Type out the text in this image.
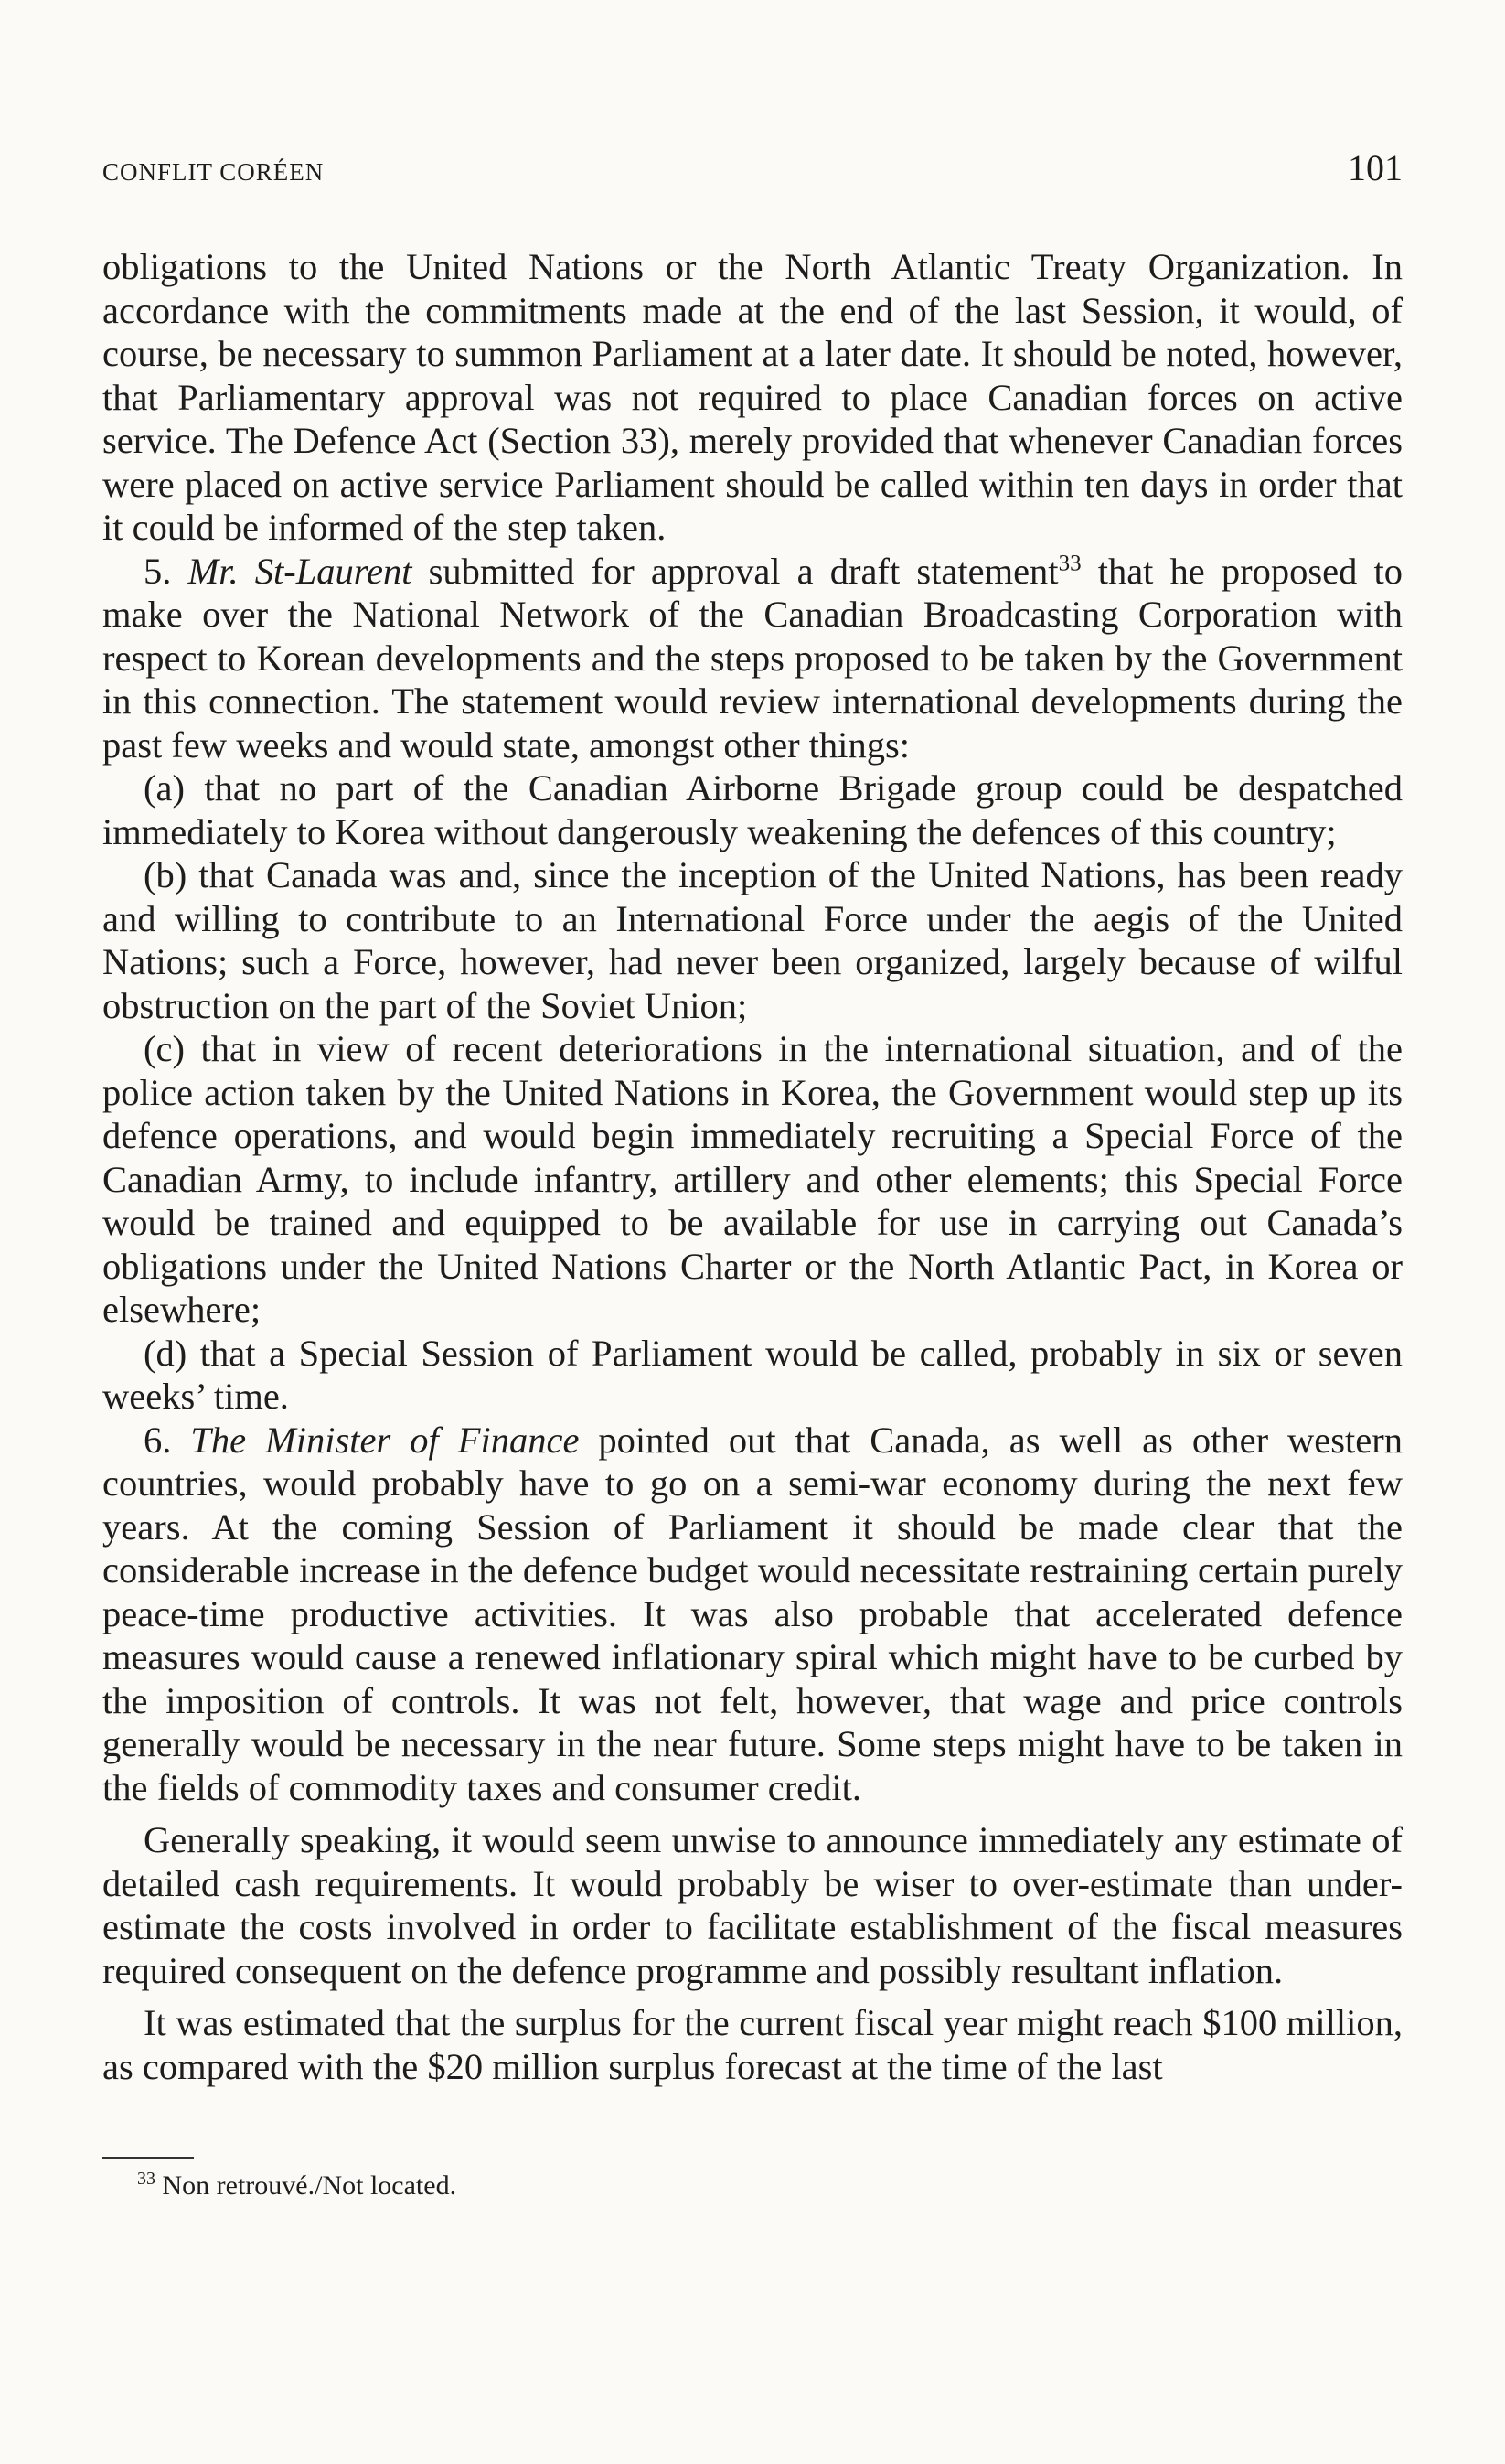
CONFLIT CORÉEN	101

obligations to the United Nations or the North Atlantic Treaty Organization. In accordance with the commitments made at the end of the last Session, it would, of course, be necessary to summon Parliament at a later date. It should be noted, however, that Parliamentary approval was not required to place Canadian forces on active service. The Defence Act (Section 33), merely provided that whenever Canadian forces were placed on active service Parliament should be called within ten days in order that it could be informed of the step taken.

5. Mr. St-Laurent submitted for approval a draft statement$^{33}$ that he proposed to make over the National Network of the Canadian Broadcasting Corporation with respect to Korean developments and the steps proposed to be taken by the Government in this connection. The statement would review international developments during the past few weeks and would state, amongst other things:

(a) that no part of the Canadian Airborne Brigade group could be despatched immediately to Korea without dangerously weakening the defences of this country;

(b) that Canada was and, since the inception of the United Nations, has been ready and willing to contribute to an International Force under the aegis of the United Nations; such a Force, however, had never been organized, largely because of wilful obstruction on the part of the Soviet Union;

(c) that in view of recent deteriorations in the international situation, and of the police action taken by the United Nations in Korea, the Government would step up its defence operations, and would begin immediately recruiting a Special Force of the Canadian Army, to include infantry, artillery and other elements; this Special Force would be trained and equipped to be available for use in carrying out Canada’s obligations under the United Nations Charter or the North Atlantic Pact, in Korea or elsewhere;

(d) that a Special Session of Parliament would be called, probably in six or seven weeks’ time.

6. The Minister of Finance pointed out that Canada, as well as other western countries, would probably have to go on a semi-war economy during the next few years. At the coming Session of Parliament it should be made clear that the considerable increase in the defence budget would necessitate restraining certain purely peace-time productive activities. It was also probable that accelerated defence measures would cause a renewed inflationary spiral which might have to be curbed by the imposition of controls. It was not felt, however, that wage and price controls generally would be necessary in the near future. Some steps might have to be taken in the fields of commodity taxes and consumer credit.

Generally speaking, it would seem unwise to announce immediately any estimate of detailed cash requirements. It would probably be wiser to over-estimate than under-estimate the costs involved in order to facilitate establishment of the fiscal measures required consequent on the defence programme and possibly resultant inflation.

It was estimated that the surplus for the current fiscal year might reach $100 million, as compared with the $20 million surplus forecast at the time of the last

$^{33}$ Non retrouvé./Not located.
